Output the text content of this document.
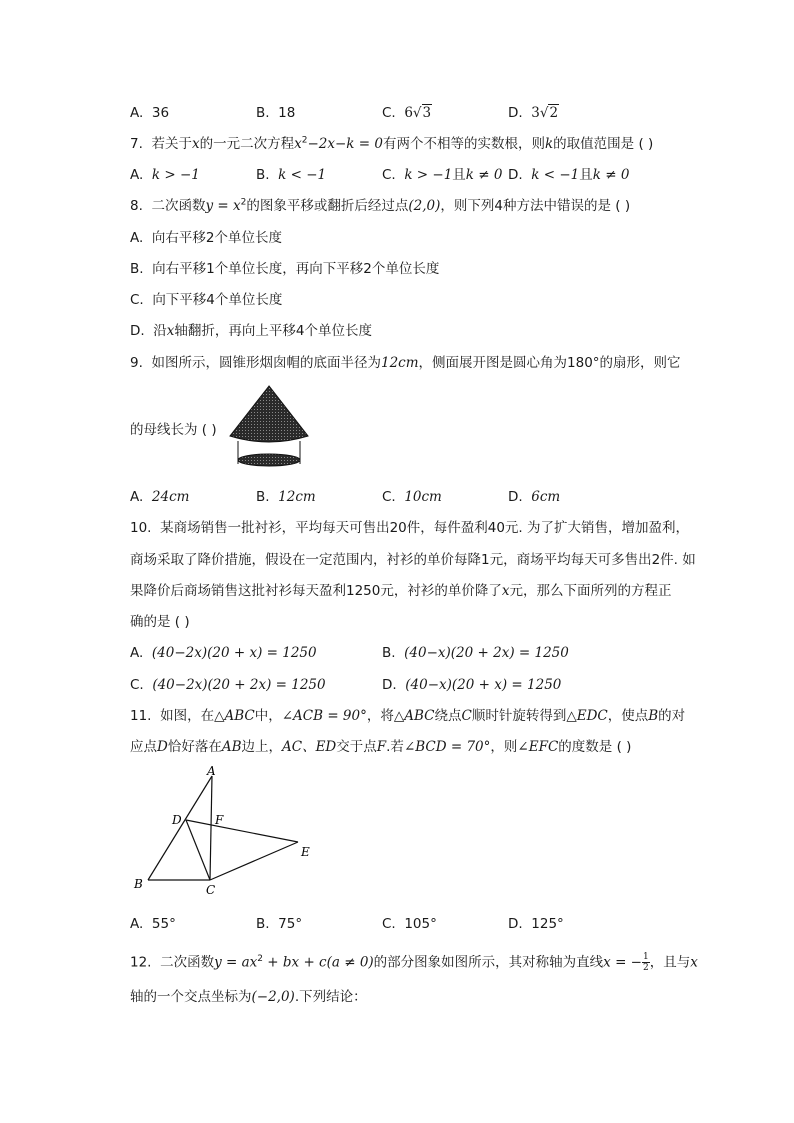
A. 36	B. 18	C. 6√3	D. 3√2
7. 若关于x的一元二次方程$x^2-2x-k = 0$有两个不相等的实数根，则k的取值范围是 ( )
A. k > −1	B. k < −1	C. k > −1且k ≠ 0 D. k < −1且k ≠ 0
8. 二次函数$y = x^2$的图象平移或翻折后经过点(2,0)，则下列4种方法中错误的是 ( )
A. 向右平移2个单位长度
B. 向右平移1个单位长度，再向下平移2个单位长度
C. 向下平移4个单位长度
D. 沿x轴翻折，再向上平移4个单位长度
9. 如图所示，圆锥形烟囱帽的底面半径为12cm，侧面展开图是圆心角为180°的扇形，则它
的母线长为 ( )
A. 24cm	B. 12cm	C. 10cm	D. 6cm
10. 某商场销售一批衬衫，平均每天可售出20件，每件盈利40元. 为了扩大销售，增加盈利，
商场采取了降价措施，假设在一定范围内，衬衫的单价每降1元，商场平均每天可多售出2件. 如
果降价后商场销售这批衬衫每天盈利1250元，衬衫的单价降了x元，那么下面所列的方程正
确的是 ( )
A. (40−2x)(20 + x) = 1250	B. (40−x)(20 + 2x) = 1250
C. (40−2x)(20 + 2x) = 1250	D. (40−x)(20 + x) = 1250
11. 如图，在△ABC中，∠ACB = 90°，将△ABC绕点C顺时针旋转得到△EDC，使点B的对
应点D恰好落在AB边上，AC、ED交于点F.若∠BCD = 70°，则∠EFC的度数是 ( )
A
B	C
D
E
F
A. 55°	B. 75°	C. 105°	D. 125°
12. 二次函数$y = ax^2$ + bx + c(a ≠ 0)的部分图象如图所示，其对称轴为直线x = − $\frac{1}{2}$ ，且与x
轴的一个交点坐标为(−2,0).下列结论：
